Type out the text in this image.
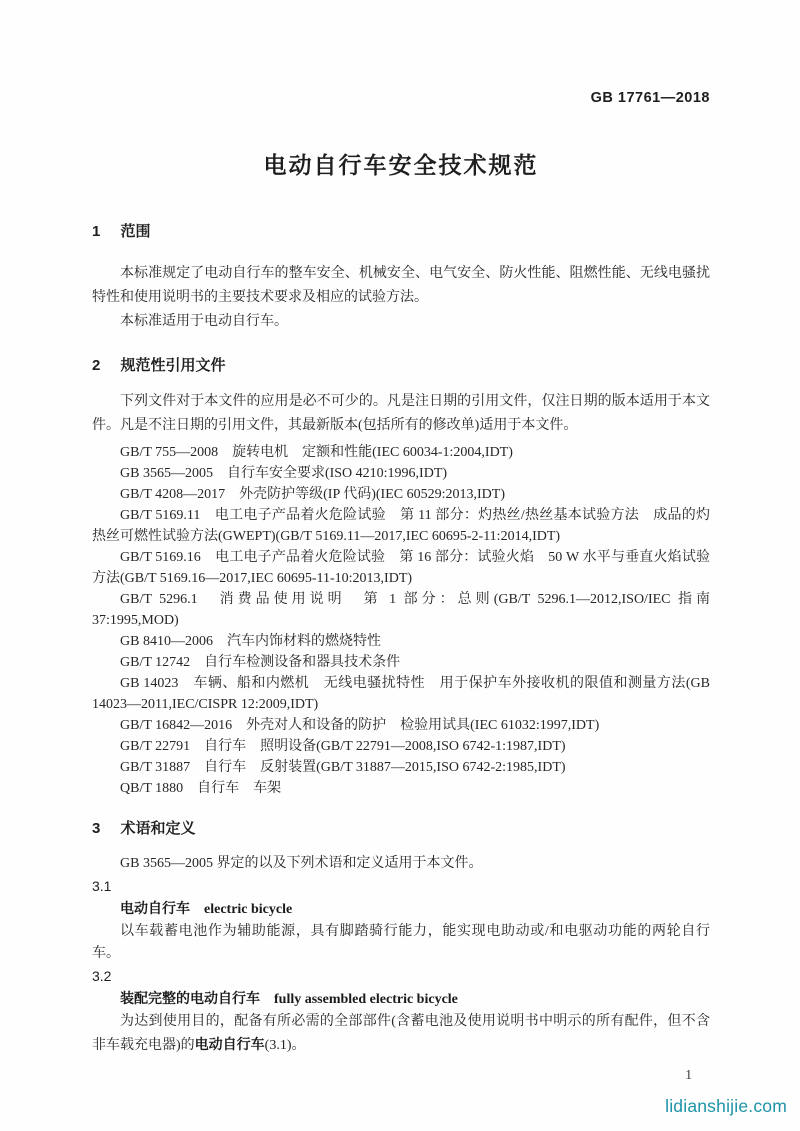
GB 17761—2018
电动自行车安全技术规范
1 范围

本标准规定了电动自行车的整车安全、机械安全、电气安全、防火性能、阻燃性能、无线电骚扰特性和使用说明书的主要技术要求及相应的试验方法。

本标准适用于电动自行车。

2 规范性引用文件

下列文件对于本文件的应用是必不可少的。凡是注日期的引用文件，仅注日期的版本适用于本文件。凡是不注日期的引用文件，其最新版本(包括所有的修改单)适用于本文件。

GB/T 755—2008　旋转电机　定额和性能(IEC 60034-1:2004,IDT)

GB 3565—2005　自行车安全要求(ISO 4210:1996,IDT)

GB/T 4208—2017　外壳防护等级(IP 代码)(IEC 60529:2013,IDT)

GB/T 5169.11　电工电子产品着火危险试验　第 11 部分：灼热丝/热丝基本试验方法　成品的灼热丝可燃性试验方法(GWEPT)(GB/T 5169.11—2017,IEC 60695-2-11:2014,IDT)

GB/T 5169.16　电工电子产品着火危险试验　第 16 部分：试验火焰　50 W 水平与垂直火焰试验方法(GB/T 5169.16—2017,IEC 60695-11-10:2013,IDT)

GB/T 5296.1　消费品使用说明　第 1 部分：总则(GB/T 5296.1—2012,ISO/IEC 指南 37:1995,MOD)

GB 8410—2006　汽车内饰材料的燃烧特性

GB/T 12742　自行车检测设备和器具技术条件

GB 14023　车辆、船和内燃机　无线电骚扰特性　用于保护车外接收机的限值和测量方法(GB 14023—2011,IEC/CISPR 12:2009,IDT)

GB/T 16842—2016　外壳对人和设备的防护　检验用试具(IEC 61032:1997,IDT)

GB/T 22791　自行车　照明设备(GB/T 22791—2008,ISO 6742-1:1987,IDT)

GB/T 31887　自行车　反射装置(GB/T 31887—2015,ISO 6742-2:1985,IDT)

QB/T 1880　自行车　车架

3 术语和定义

GB 3565—2005 界定的以及下列术语和定义适用于本文件。

3.1

电动自行车 electric bicycle

以车载蓄电池作为辅助能源，具有脚踏骑行能力，能实现电助动或/和电驱动功能的两轮自行车。

3.2

装配完整的电动自行车 fully assembled electric bicycle

为达到使用目的，配备有所必需的全部部件(含蓄电池及使用说明书中明示的所有配件，但不含非车载充电器)的电动自行车(3.1)。

1

lidianshijie.com
